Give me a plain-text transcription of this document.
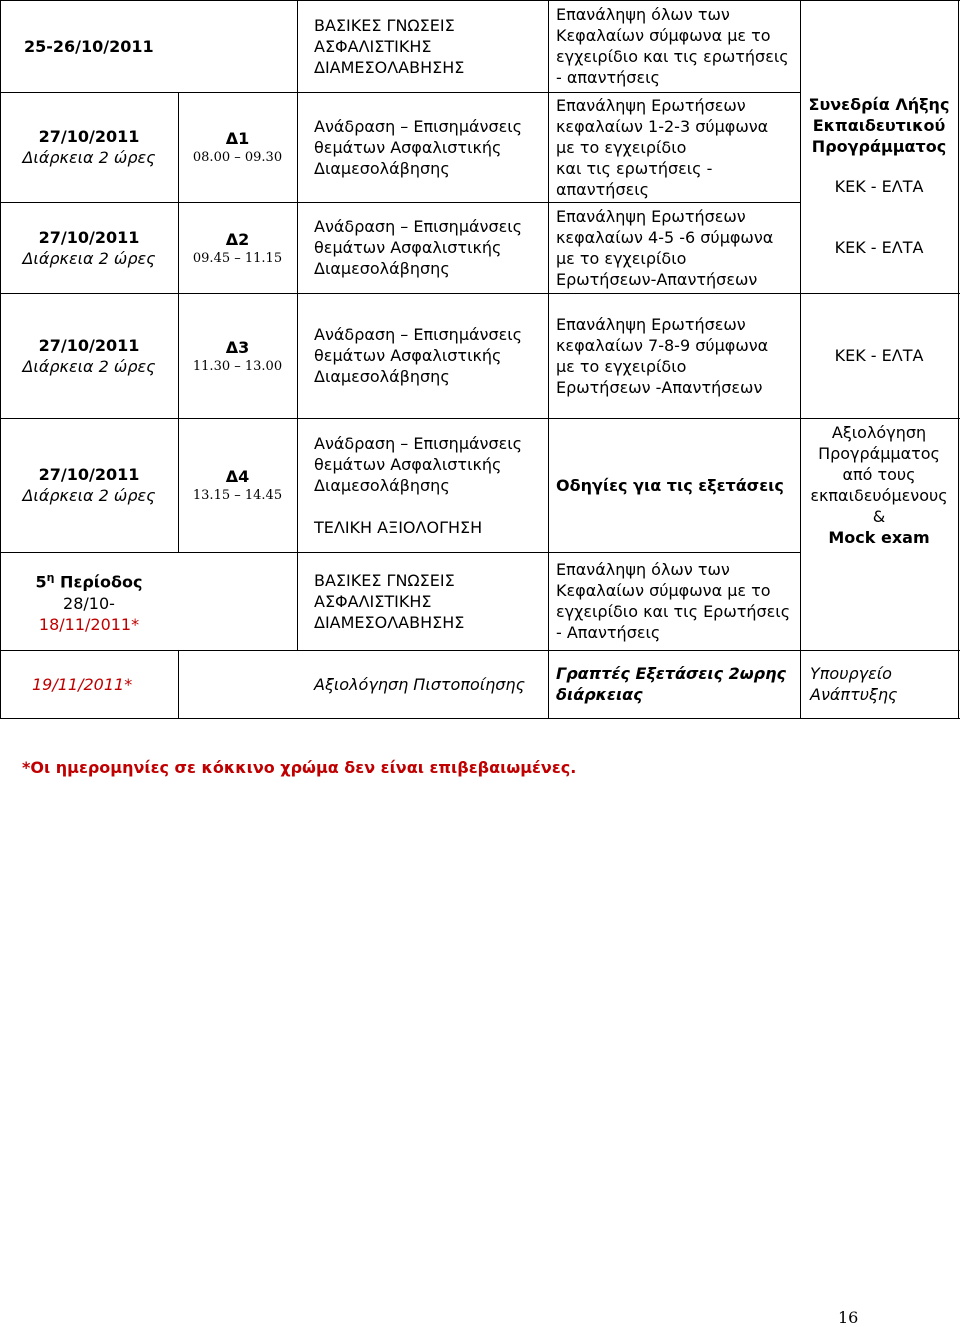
25-26/10/2011
ΒΑΣΙΚΕΣ ΓΝΩΣΕΙΣ
ΑΣΦΑΛΙΣΤΙΚΗΣ
ΔΙΑΜΕΣΟΛΑΒΗΣΗΣ
Επανάληψη όλων των
Κεφαλαίων σύμφωνα με το
εγχειρίδιο και τις ερωτήσεις
- απαντήσεις
27/10/2011
Διάρκεια 2 ώρες
Δ1
08.00 – 09.30
Ανάδραση – Επισημάνσεις
θεμάτων Ασφαλιστικής
Διαμεσολάβησης
Επανάληψη Ερωτήσεων
κεφαλαίων 1-2-3 σύμφωνα
με το εγχειρίδιο
και τις ερωτήσεις -
απαντήσεις
Συνεδρία Λήξης
Εκπαιδευτικού
Προγράμματος
ΚΕΚ - ΕΛΤΑ
27/10/2011
Διάρκεια 2 ώρες
Δ2
09.45 – 11.15
Ανάδραση – Επισημάνσεις
θεμάτων Ασφαλιστικής
Διαμεσολάβησης
Επανάληψη Ερωτήσεων
κεφαλαίων 4-5 -6 σύμφωνα
με το εγχειρίδιο
Ερωτήσεων-Απαντήσεων
ΚΕΚ - ΕΛΤΑ
27/10/2011
Διάρκεια 2 ώρες
Δ3
11.30 – 13.00
Ανάδραση – Επισημάνσεις
θεμάτων Ασφαλιστικής
Διαμεσολάβησης
Επανάληψη Ερωτήσεων
κεφαλαίων 7-8-9 σύμφωνα
με το εγχειρίδιο
Ερωτήσεων -Απαντήσεων
ΚΕΚ - ΕΛΤΑ
27/10/2011
Διάρκεια 2 ώρες
Δ4
13.15 – 14.45
Ανάδραση – Επισημάνσεις
θεμάτων Ασφαλιστικής
Διαμεσολάβησης
ΤΕΛΙΚΗ ΑΞΙΟΛΟΓΗΣΗ
Οδηγίες για τις εξετάσεις
Αξιολόγηση
Προγράμματος
από τους
εκπαιδευόμενους
&
Mock exam
$5^\eta$ Περίοδος
28/10-
18/11/2011*
ΒΑΣΙΚΕΣ ΓΝΩΣΕΙΣ
ΑΣΦΑΛΙΣΤΙΚΗΣ
ΔΙΑΜΕΣΟΛΑΒΗΣΗΣ
Επανάληψη όλων των
Κεφαλαίων σύμφωνα με το
εγχειρίδιο και τις Ερωτήσεις
- Απαντήσεις
19/11/2011*	Αξιολόγηση Πιστοποίησης
Γραπτές Εξετάσεις 2ωρης
διάρκειας
Υπουργείο
Ανάπτυξης
*Οι ημερομηνίες σε κόκκινο χρώμα δεν είναι επιβεβαιωμένες.
16
